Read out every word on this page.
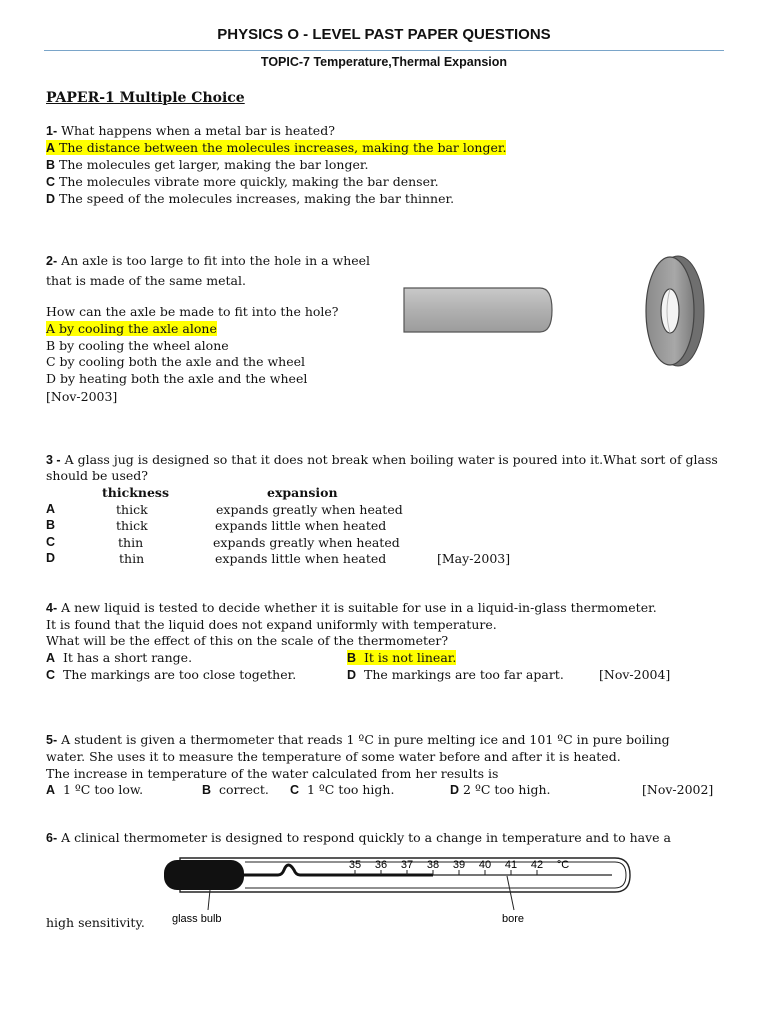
PHYSICS O - LEVEL PAST PAPER QUESTIONS
TOPIC-7 Temperature,Thermal Expansion
PAPER-1 Multiple Choice
1- What happens when a metal bar is heated?
A The distance between the molecules increases, making the bar longer.
B The molecules get larger, making the bar longer.
C The molecules vibrate more quickly, making the bar denser.
D The speed of the molecules increases, making the bar thinner.
2- An axle is too large to fit into the hole in a wheel
that is made of the same metal.
How can the axle be made to fit into the hole?
A by cooling the axle alone
B by cooling the wheel alone
C by cooling both the axle and the wheel
D by heating both the axle and the wheel
[Nov-2003]
3 - A glass jug is designed so that it does not break when boiling water is poured into it.What sort of glass
should be used?
thickness	expansion
A	thick	expands greatly when heated
B	thick	expands little when heated
C	thin	expands greatly when heated
D	thin	expands little when heated	[May-2003]
4- A new liquid is tested to decide whether it is suitable for use in a liquid-in-glass thermometer.
It is found that the liquid does not expand uniformly with temperature.
What will be the effect of this on the scale of the thermometer?
A It has a short range.	B It is not linear.
C The markings are too close together.	D The markings are too far apart.	[Nov-2004]
5- A student is given a thermometer that reads 1 ºC in pure melting ice and 101 ºC in pure boiling
water. She uses it to measure the temperature of some water before and after it is heated.
The increase in temperature of the water calculated from her results is
A 1 ºC too low.	B correct. C 1 ºC too high.	D 2 ºC too high.	[Nov-2002]
6- A clinical thermometer is designed to respond quickly to a change in temperature and to have a
high sensitivity.
35 36 37 38 39 40 41 42 °C
glass bulb	bore
